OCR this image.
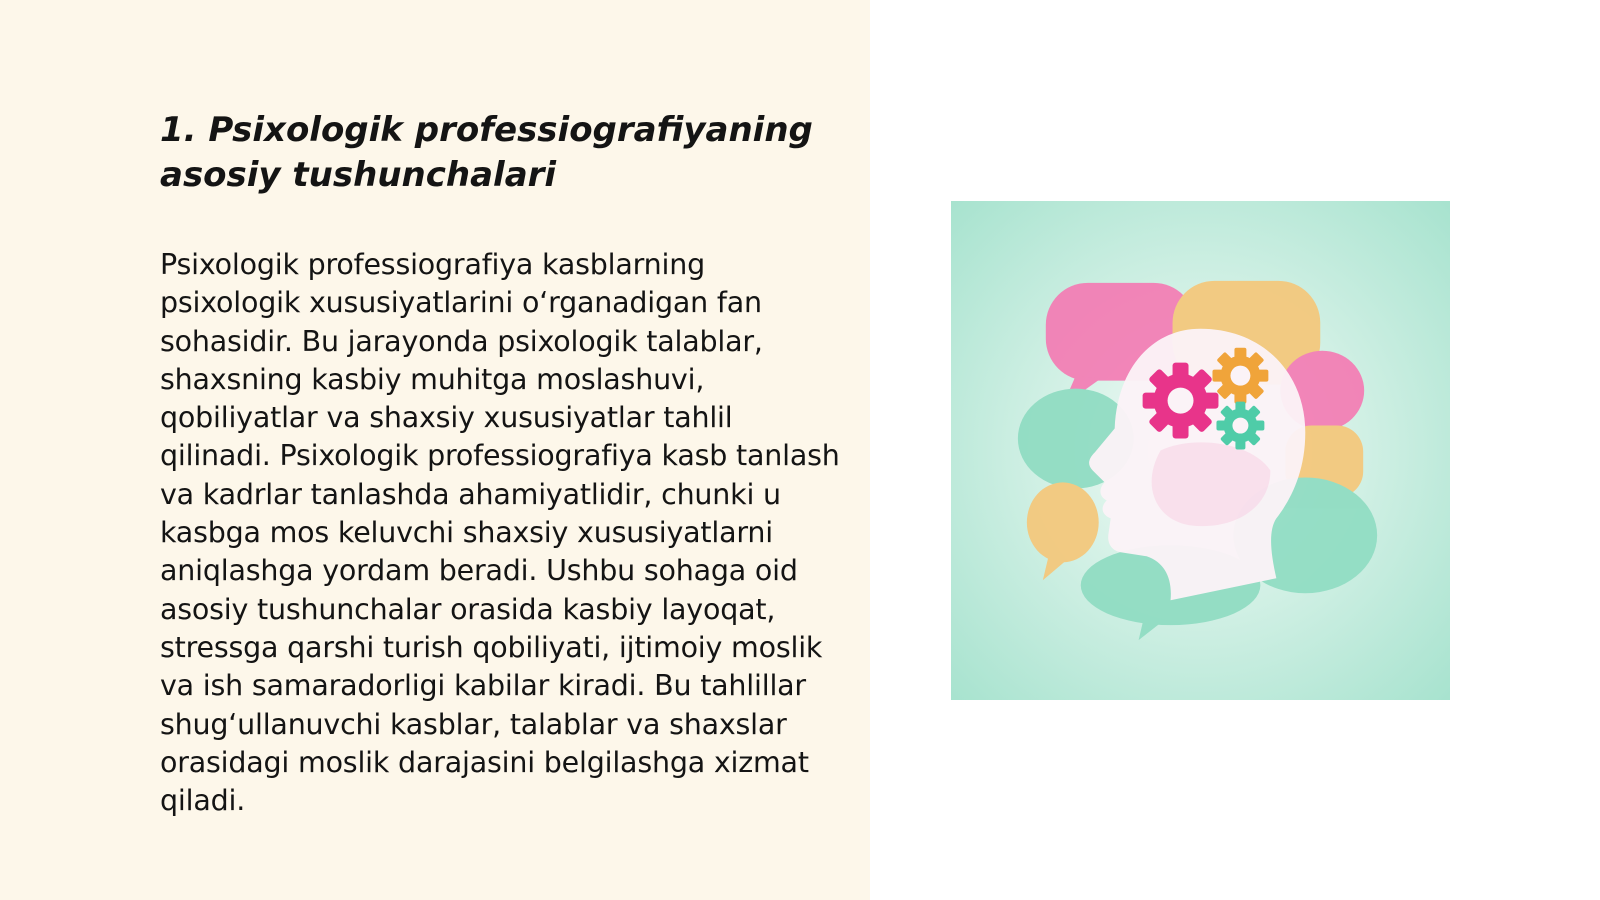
1. Psixologik professiografiyaning asosiy tushunchalari

Psixologik professiografiya kasblarning psixologik xususiyatlarini o‘rganadigan fan sohasidir. Bu jarayonda psixologik talablar, shaxsning kasbiy muhitga moslashuvi, qobiliyatlar va shaxsiy xususiyatlar tahlil qilinadi. Psixologik professiografiya kasb tanlash va kadrlar tanlashda ahamiyatlidir, chunki u kasbga mos keluvchi shaxsiy xususiyatlarni aniqlashga yordam beradi. Ushbu sohaga oid asosiy tushunchalar orasida kasbiy layoqat, stressga qarshi turish qobiliyati, ijtimoiy moslik va ish samaradorligi kabilar kiradi. Bu tahlillar shug‘ullanuvchi kasblar, talablar va shaxslar orasidagi moslik darajasini belgilashga xizmat qiladi.
